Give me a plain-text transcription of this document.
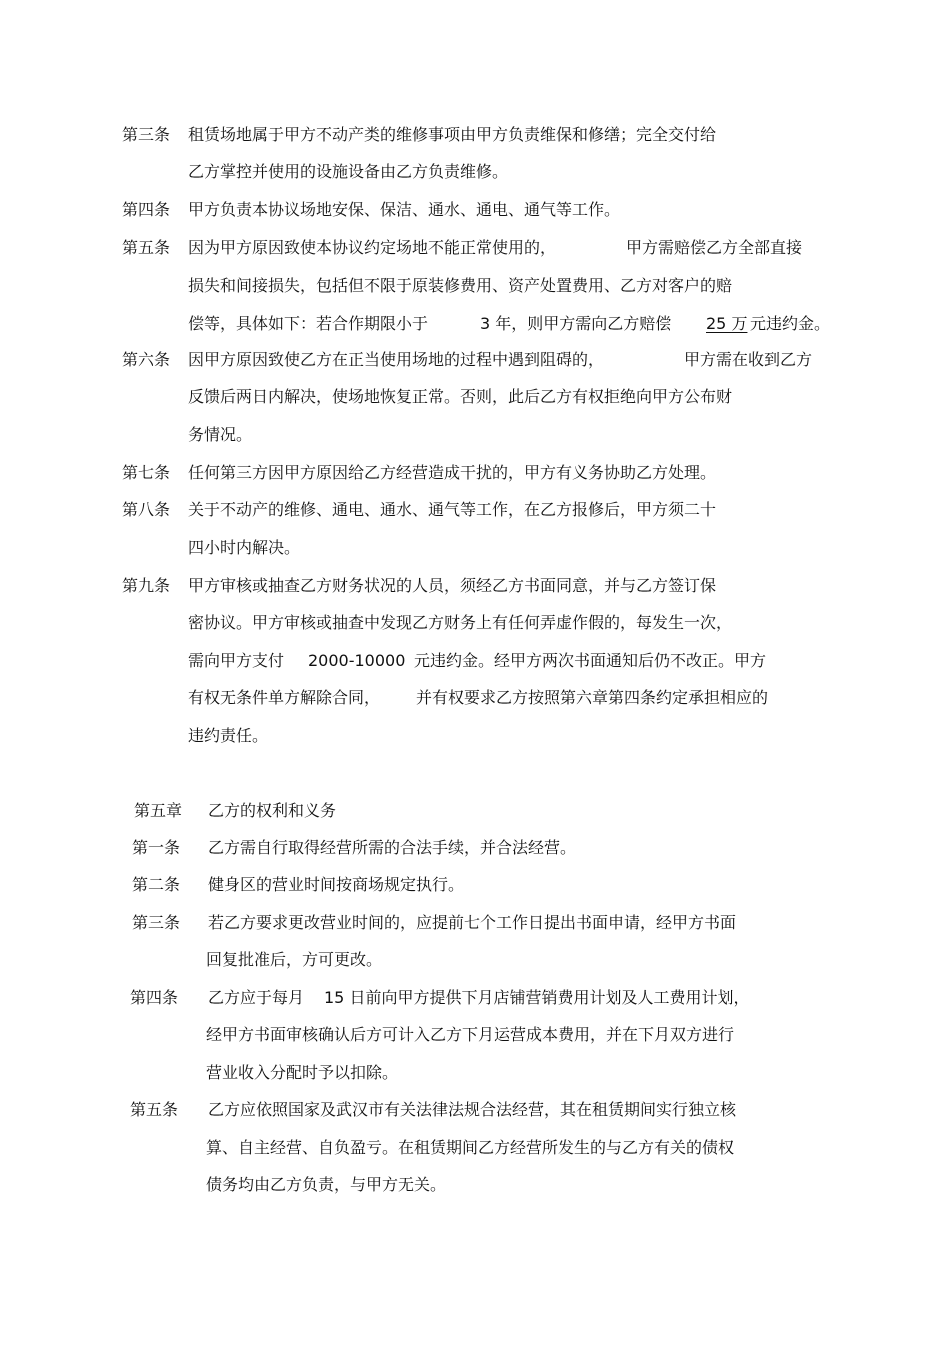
第三条 租赁场地属于甲方不动产类的维修事项由甲方负责维保和修缮；完全交付给

乙方掌控并使用的设施设备由乙方负责维修。

第四条 甲方负责本协议场地安保、保洁、通水、通电、通气等工作。

第五条 因为甲方原因致使本协议约定场地不能正常使用的，	甲方需赔偿乙方全部直接

损失和间接损失，包括但不限于原装修费用、资产处置费用、乙方对客户的赔

偿等，具体如下：若合作期限小于	3 年，则甲方需向乙方赔偿 25 万 元违约金。

第六条 因甲方原因致使乙方在正当使用场地的过程中遇到阻碍的，	甲方需在收到乙方

反馈后两日内解决，使场地恢复正常。否则，此后乙方有权拒绝向甲方公布财

务情况。

第七条 任何第三方因甲方原因给乙方经营造成干扰的，甲方有义务协助乙方处理。

第八条 关于不动产的维修、通电、通水、通气等工作，在乙方报修后，甲方须二十

四小时内解决。

第九条 甲方审核或抽查乙方财务状况的人员，须经乙方书面同意，并与乙方签订保

密协议。甲方审核或抽查中发现乙方财务上有任何弄虚作假的，每发生一次，

需向甲方支付 2000-10000 元违约金。经甲方两次书面通知后仍不改正。甲方

有权无条件单方解除合同， 并有权要求乙方按照第六章第四条约定承担相应的

违约责任。

第五章 乙方的权利和义务

第一条 乙方需自行取得经营所需的合法手续，并合法经营。

第二条 健身区的营业时间按商场规定执行。

第三条 若乙方要求更改营业时间的，应提前七个工作日提出书面申请，经甲方书面

回复批准后，方可更改。

第四条 乙方应于每月 15 日前向甲方提供下月店铺营销费用计划及人工费用计划，

经甲方书面审核确认后方可计入乙方下月运营成本费用，并在下月双方进行

营业收入分配时予以扣除。

第五条 乙方应依照国家及武汉市有关法律法规合法经营，其在租赁期间实行独立核

算、自主经营、自负盈亏。在租赁期间乙方经营所发生的与乙方有关的债权

债务均由乙方负责，与甲方无关。
